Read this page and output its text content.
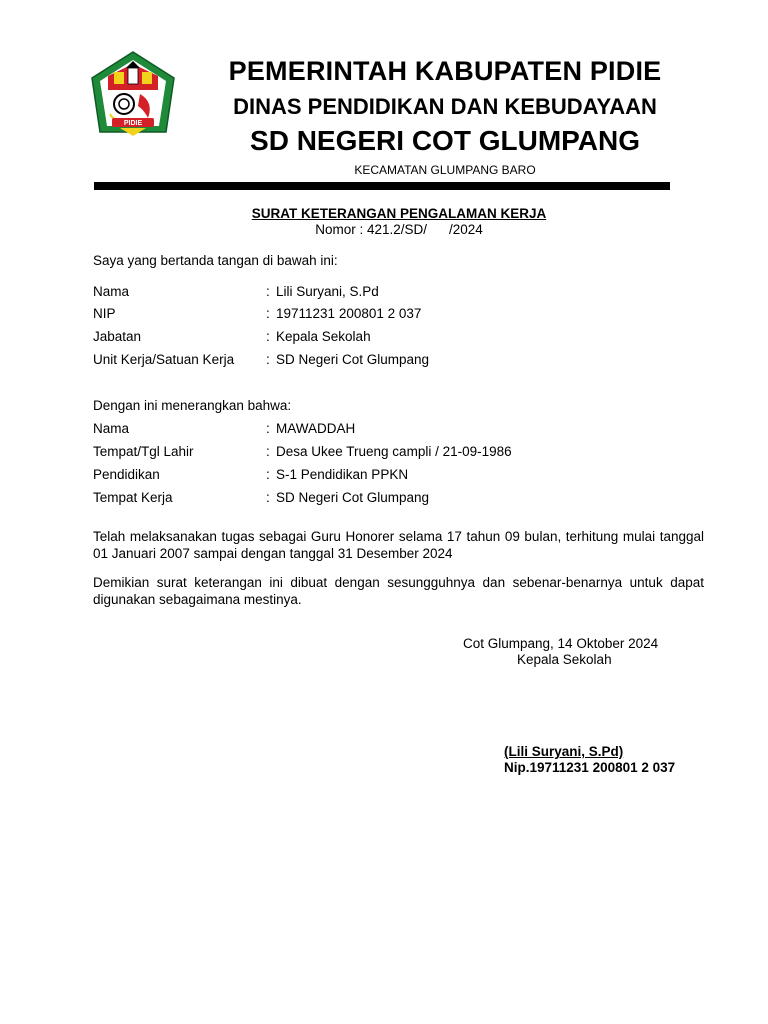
PIDIE
PEMERINTAH KABUPATEN PIDIE
DINAS PENDIDIKAN DAN KEBUDAYAAN
SD NEGERI COT GLUMPANG
KECAMATAN GLUMPANG BARO
SURAT KETERANGAN PENGALAMAN KERJA
Nomor : 421.2/SD/ /2024
Saya yang bertanda tangan di bawah ini:
Nama	: Lili Suryani, S.Pd
NIP	: 19711231 200801 2 037
Jabatan	: Kepala Sekolah
Unit Kerja/Satuan Kerja : SD Negeri Cot Glumpang
Dengan ini menerangkan bahwa:
Nama	: MAWADDAH
Tempat/Tgl Lahir	: Desa Ukee Trueng campli / 21-09-1986
Pendidikan	: S-1 Pendidikan PPKN
Tempat Kerja	: SD Negeri Cot Glumpang
Telah melaksanakan tugas sebagai Guru Honorer selama 17 tahun 09 bulan, terhitung mulai tanggal 01 Januari 2007 sampai dengan tanggal 31 Desember 2024
Demikian surat keterangan ini dibuat dengan sesungguhnya dan sebenar-benarnya untuk dapat digunakan sebagaimana mestinya.
Cot Glumpang, 14 Oktober 2024
Kepala Sekolah
(Lili Suryani, S.Pd)
Nip.19711231 200801 2 037
